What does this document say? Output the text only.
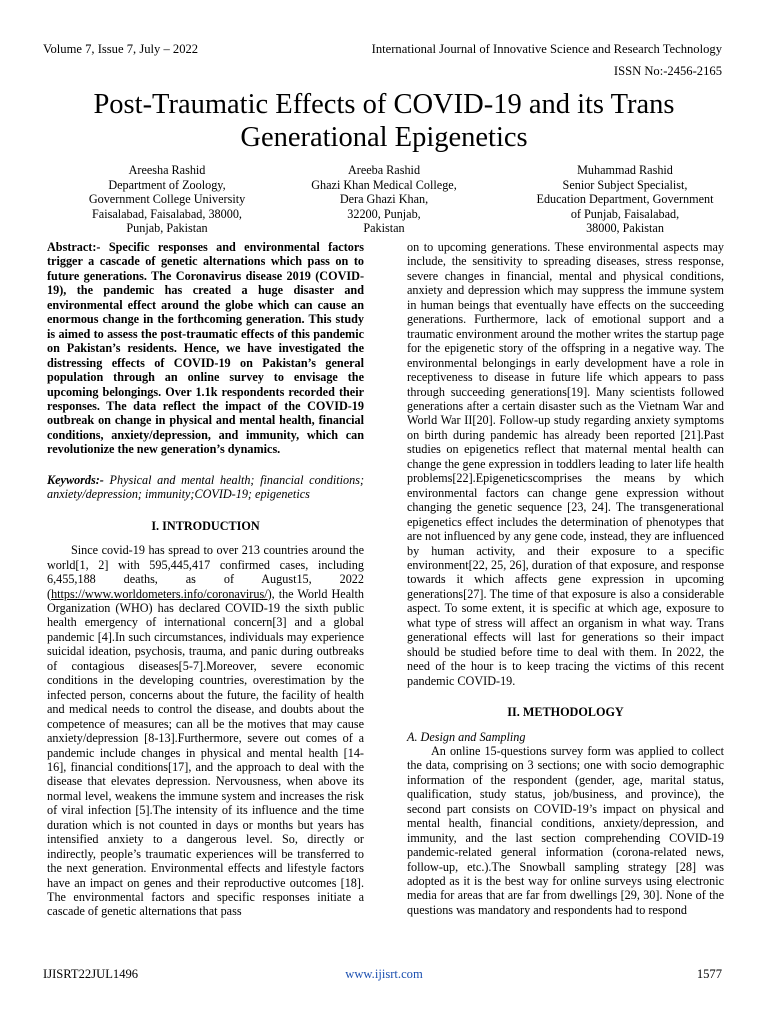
Volume 7, Issue 7, July – 2022	International Journal of Innovative Science and Research Technology
ISSN No:-2456-2165
Post-Traumatic Effects of COVID-19 and its Trans Generational Epigenetics
Areesha Rashid
Department of Zoology,
Government College University
Faisalabad, Faisalabad, 38000,
Punjab, Pakistan
Areeba Rashid
Ghazi Khan Medical College,
Dera Ghazi Khan,
32200, Punjab,
Pakistan
Muhammad Rashid
Senior Subject Specialist,
Education Department, Government
of Punjab, Faisalabad,
38000, Pakistan

Abstract:- Specific responses and environmental factors trigger a cascade of genetic alternations which pass on to future generations. The Coronavirus disease 2019 (COVID-19), the pandemic has created a huge disaster and environmental effect around the globe which can cause an enormous change in the forthcoming generation. This study is aimed to assess the post-traumatic effects of this pandemic on Pakistan’s residents. Hence, we have investigated the distressing effects of COVID-19 on Pakistan’s general population through an online survey to envisage the upcoming belongings. Over 1.1k respondents recorded their responses. The data reflect the impact of the COVID-19 outbreak on change in physical and mental health, financial conditions, anxiety/depression, and immunity, which can revolutionize the new generation’s dynamics.

Keywords:- Physical and mental health; financial conditions; anxiety/depression; immunity;COVID-19; epigenetics

I. INTRODUCTION

Since covid-19 has spread to over 213 countries around the world[1, 2] with 595,445,417 confirmed cases, including 6,455,188 deaths, as of August15, 2022 (https://www.worldometers.info/coronavirus/), the World Health Organization (WHO) has declared COVID-19 the sixth public health emergency of international concern[3] and a global pandemic [4].In such circumstances, individuals may experience suicidal ideation, psychosis, trauma, and panic during outbreaks of contagious diseases[5-7].Moreover, severe economic conditions in the developing countries, overestimation by the infected person, concerns about the future, the facility of health and medical needs to control the disease, and doubts about the competence of measures; can all be the motives that may cause anxiety/depression [8-13].Furthermore, severe out comes of a pandemic include changes in physical and mental health [14-16], financial conditions[17], and the approach to deal with the disease that elevates depression. Nervousness, when above its normal level, weakens the immune system and increases the risk of viral infection [5].The intensity of its influence and the time duration which is not counted in days or months but years has intensified anxiety to a dangerous level. So, directly or indirectly, people’s traumatic experiences will be transferred to the next generation. Environmental effects and lifestyle factors have an impact on genes and their reproductive outcomes [18]. The environmental factors and specific responses initiate a cascade of genetic alternations that pass

on to upcoming generations. These environmental aspects may include, the sensitivity to spreading diseases, stress response, severe changes in financial, mental and physical conditions, anxiety and depression which may suppress the immune system in human beings that eventually have effects on the succeeding generations. Furthermore, lack of emotional support and a traumatic environment around the mother writes the startup page for the epigenetic story of the offspring in a negative way. The environmental belongings in early development have a role in receptiveness to disease in future life which appears to pass through succeeding generations[19]. Many scientists followed generations after a certain disaster such as the Vietnam War and World War II[20]. Follow-up study regarding anxiety symptoms on birth during pandemic has already been reported [21].Past studies on epigenetics reflect that maternal mental health can change the gene expression in toddlers leading to later life health problems[22].Epigeneticscomprises the means by which environmental factors can change gene expression without changing the genetic sequence [23, 24]. The transgenerational epigenetics effect includes the determination of phenotypes that are not influenced by any gene code, instead, they are influenced by human activity, and their exposure to a specific environment[22, 25, 26], duration of that exposure, and response towards it which affects gene expression in upcoming generations[27]. The time of that exposure is also a considerable aspect. To some extent, it is specific at which age, exposure to what type of stress will affect an organism in what way. Trans generational effects will last for generations so their impact should be studied before time to deal with them. In 2022, the need of the hour is to keep tracing the victims of this recent pandemic COVID-19.

II. METHODOLOGY

A. Design and Sampling

An online 15-questions survey form was applied to collect the data, comprising on 3 sections; one with socio demographic information of the respondent (gender, age, marital status, qualification, study status, job/business, and province), the second part consists on COVID-19’s impact on physical and mental health, financial conditions, anxiety/depression, and immunity, and the last section comprehending COVID-19 pandemic-related general information (corona-related news, follow-up, etc.).The Snowball sampling strategy [28] was adopted as it is the best way for online surveys using electronic media for areas that are far from dwellings [29, 30]. None of the questions was mandatory and respondents had to respond

IJISRT22JUL1496	www.ijisrt.com	1577
